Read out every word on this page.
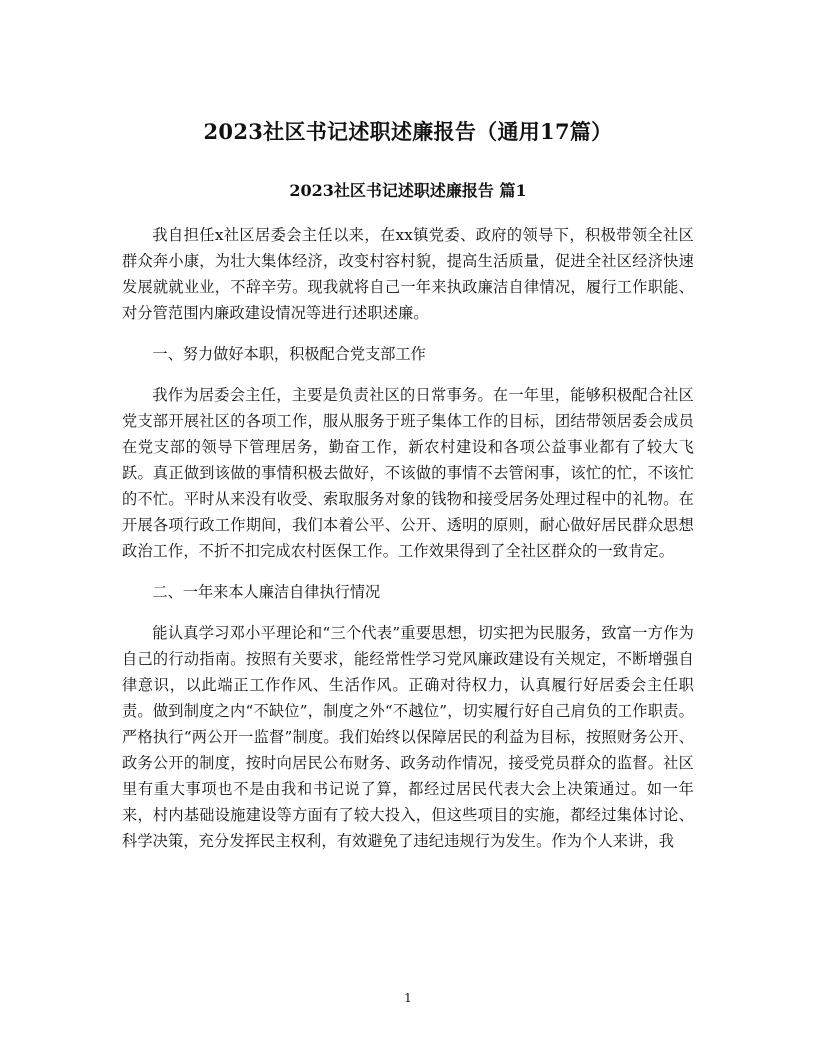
2023社区书记述职述廉报告（通用17篇）
2023社区书记述职述廉报告 篇1

我自担任x社区居委会主任以来，在xx镇党委、政府的领导下，积极带领全社区群众奔小康，为壮大集体经济，改变村容村貌，提高生活质量，促进全社区经济快速发展就就业业，不辞辛劳。现我就将自己一年来执政廉洁自律情况，履行工作职能、对分管范围内廉政建设情况等进行述职述廉。

一、努力做好本职，积极配合党支部工作

我作为居委会主任，主要是负责社区的日常事务。在一年里，能够积极配合社区党支部开展社区的各项工作，服从服务于班子集体工作的目标，团结带领居委会成员在党支部的领导下管理居务，勤奋工作，新农村建设和各项公益事业都有了较大飞跃。真正做到该做的事情积极去做好，不该做的事情不去管闲事，该忙的忙，不该忙的不忙。平时从来没有收受、索取服务对象的钱物和接受居务处理过程中的礼物。在开展各项行政工作期间，我们本着公平、公开、透明的原则，耐心做好居民群众思想政治工作，不折不扣完成农村医保工作。工作效果得到了全社区群众的一致肯定。

二、一年来本人廉洁自律执行情况

能认真学习邓小平理论和“三个代表”重要思想，切实把为民服务，致富一方作为自己的行动指南。按照有关要求，能经常性学习党风廉政建设有关规定，不断增强自律意识，以此端正工作作风、生活作风。正确对待权力，认真履行好居委会主任职责。做到制度之内“不缺位”，制度之外“不越位”，切实履行好自己肩负的工作职责。严格执行“两公开一监督”制度。我们始终以保障居民的利益为目标，按照财务公开、政务公开的制度，按时向居民公布财务、政务动作情况，接受党员群众的监督。社区里有重大事项也不是由我和书记说了算，都经过居民代表大会上决策通过。如一年来，村内基础设施建设等方面有了较大投入，但这些项目的实施，都经过集体讨论、科学决策，充分发挥民主权利，有效避免了违纪违规行为发生。作为个人来讲，我

1
